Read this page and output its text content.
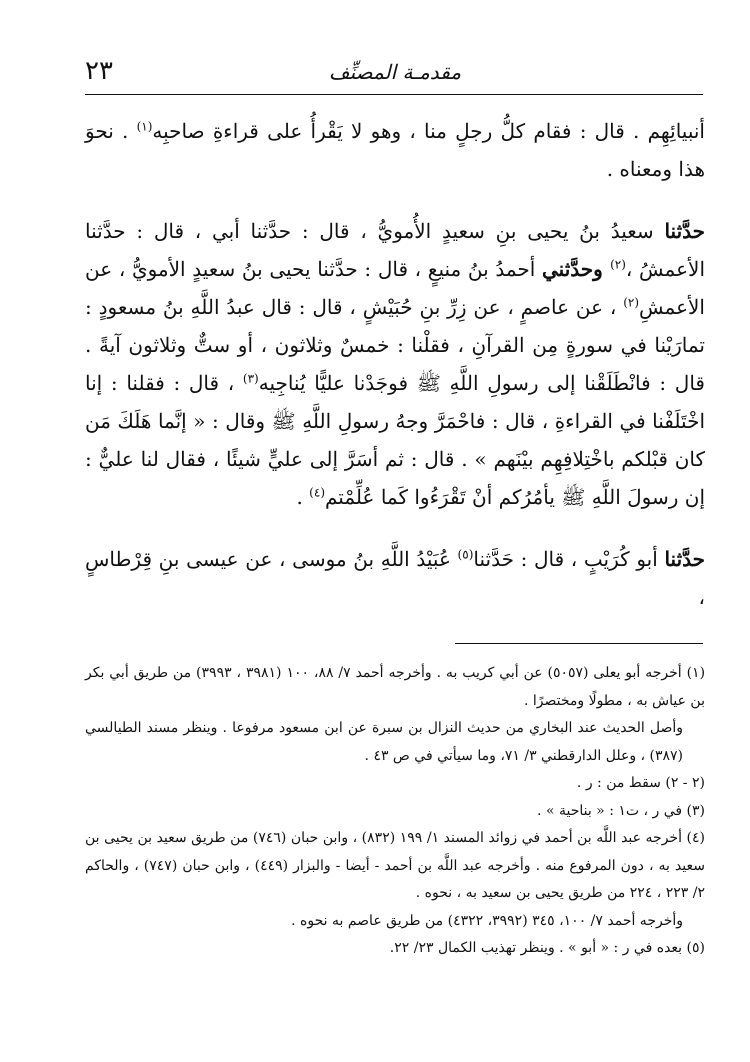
٢٣	مقدمـة المصنِّف

أنبيائِهِم . قال : فقام كلُّ رجلٍ منا ، وهو لا يَقْرأُ على قراءةِ صاحبِه$^{(١)}$ . نحوَ هذا ومعناه .

حدَّثنا سعيدُ بنُ يحيى بنِ سعيدٍ الأُمويُّ ، قال : حدَّثنا أبي ، قال : حدَّثنا الأعمشُ ،$^{(٢)}$ وحدَّثني أحمدُ بنُ منيعٍ ، قال : حدَّثنا يحيى بنُ سعيدٍ الأمويُّ ، عن الأعمشِ$^{(٢)}$ ، عن عاصمٍ ، عن زِرِّ بنِ حُبَيْشٍ ، قال : قال عبدُ اللَّهِ بنُ مسعودٍ : تمارَيْنا في سورةٍ مِن القرآنِ ، فقلْنا : خمسٌ وثلاثون ، أو ستٌّ وثلاثون آيةً . قال : فانْطَلَقْنا إلى رسولِ اللَّهِ ﷺ فوجَدْنا عليًّا يُناجِيه$^{(٣)}$ ، قال : فقلنا : إنا اخْتَلَفْنا في القراءةِ ، قال : فاحْمَرَّ وجهُ رسولِ اللَّهِ ﷺ وقال : « إنَّما هَلَكَ مَن كان قبْلكم باخْتِلافِهِم بيْنَهم » . قال : ثم أسَرَّ إلى عليٍّ شيئًا ، فقال لنا عليٌّ : إن رسولَ اللَّهِ ﷺ يأمُرُكم أنْ تَقْرَءُوا كَما عُلِّمْتم$^{(٤)}$ .

حدَّثنا أبو كُرَيْبٍ ، قال : حَدَّثنا$^{(٥)}$ عُبَيْدُ اللَّهِ بنُ موسى ، عن عيسى بنِ قِرْطاسٍ ،

(١) أخرجه أبو يعلى (٥٠٥٧) عن أبي كريب به . وأخرجه أحمد ٧/ ٨٨، ١٠٠ (٣٩٨١ ، ٣٩٩٣) من طريق أبي بكر بن عياش به ، مطولًا ومختصرًا .

وأصل الحديث عند البخاري من حديث النزال بن سبرة عن ابن مسعود مرفوعا . وينظر مسند الطيالسي (٣٨٧) ، وعلل الدارقطني ٣/ ٧١، وما سيأتي في ص ٤٣ .

(٢ - ٢) سقط من : ر .

(٣) في ر ، ت١ : « بناحية » .

(٤) أخرجه عبد اللَّه بن أحمد في زوائد المسند ١/ ١٩٩ (٨٣٢) ، وابن حبان (٧٤٦) من طريق سعيد بن يحيى بن سعيد به ، دون المرفوع منه . وأخرجه عبد اللَّه بن أحمد - أيضا - والبزار (٤٤٩) ، وابن حبان (٧٤٧) ، والحاكم ٢/ ٢٢٣ ، ٢٢٤ من طريق يحيى بن سعيد به ، نحوه .

وأخرجه أحمد ٧/ ١٠٠، ٣٤٥ (٣٩٩٢، ٤٣٢٢) من طريق عاصم به نحوه .

(٥) بعده في ر : « أبو » . وينظر تهذيب الكمال ٢٣/ ٢٢.
